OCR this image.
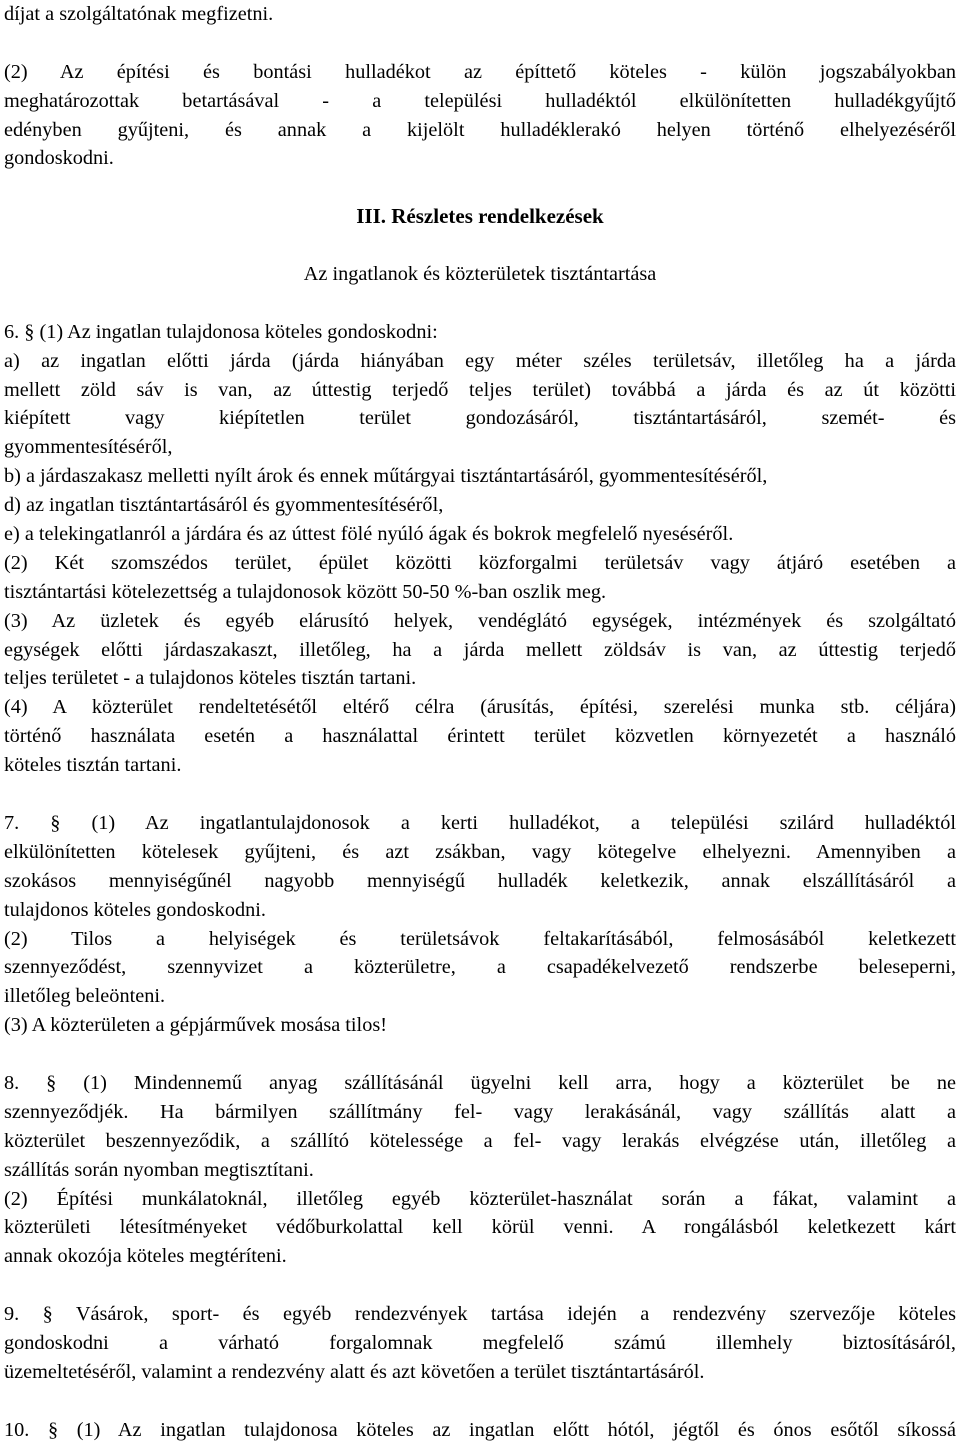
díjat a szolgáltatónak megfizetni.
(2) Az építési és bontási hulladékot az építtető köteles - külön jogszabályokban
meghatározottak betartásával - a települési hulladéktól elkülönítetten hulladékgyűjtő
edényben gyűjteni, és annak a kijelölt hulladéklerakó helyen történő elhelyezéséről
gondoskodni.
III. Részletes rendelkezések
Az ingatlanok és közterületek tisztántartása
6. § (1) Az ingatlan tulajdonosa köteles gondoskodni:
a) az ingatlan előtti járda (járda hiányában egy méter széles területsáv, illetőleg ha a járda
mellett zöld sáv is van, az úttestig terjedő teljes terület) továbbá a járda és az út közötti
kiépített vagy kiépítetlen terület gondozásáról, tisztántartásáról, szemét- és
gyommentesítéséről,
b) a járdaszakasz melletti nyílt árok és ennek műtárgyai tisztántartásáról, gyommentesítéséről,
d) az ingatlan tisztántartásáról és gyommentesítéséről,
e) a telekingatlanról a járdára és az úttest fölé nyúló ágak és bokrok megfelelő nyeséséről.
(2) Két szomszédos terület, épület közötti közforgalmi területsáv vagy átjáró esetében a
tisztántartási kötelezettség a tulajdonosok között 50-50 %-ban oszlik meg.
(3) Az üzletek és egyéb elárusító helyek, vendéglátó egységek, intézmények és szolgáltató
egységek előtti járdaszakaszt, illetőleg, ha a járda mellett zöldsáv is van, az úttestig terjedő
teljes területet - a tulajdonos köteles tisztán tartani.
(4) A közterület rendeltetésétől eltérő célra (árusítás, építési, szerelési munka stb. céljára)
történő használata esetén a használattal érintett terület közvetlen környezetét a használó
köteles tisztán tartani.
7. § (1) Az ingatlantulajdonosok a kerti hulladékot, a települési szilárd hulladéktól
elkülönítetten kötelesek gyűjteni, és azt zsákban, vagy kötegelve elhelyezni. Amennyiben a
szokásos mennyiségűnél nagyobb mennyiségű hulladék keletkezik, annak elszállításáról a
tulajdonos köteles gondoskodni.
(2) Tilos a helyiségek és területsávok feltakarításából, felmosásából keletkezett
szennyeződést, szennyvizet a közterületre, a csapadékelvezető rendszerbe beleseperni,
illetőleg beleönteni.
(3) A közterületen a gépjárművek mosása tilos!
8. § (1) Mindennemű anyag szállításánál ügyelni kell arra, hogy a közterület be ne
szennyeződjék. Ha bármilyen szállítmány fel- vagy lerakásánál, vagy szállítás alatt a
közterület beszennyeződik, a szállító kötelessége a fel- vagy lerakás elvégzése után, illetőleg a
szállítás során nyomban megtisztítani.
(2) Építési munkálatoknál, illetőleg egyéb közterület-használat során a fákat, valamint a
közterületi létesítményeket védőburkolattal kell körül venni. A rongálásból keletkezett kárt
annak okozója köteles megtéríteni.
9. § Vásárok, sport- és egyéb rendezvények tartása idején a rendezvény szervezője köteles
gondoskodni a várható forgalomnak megfelelő számú illemhely biztosításáról,
üzemeltetéséről, valamint a rendezvény alatt és azt követően a terület tisztántartásáról.
10. § (1) Az ingatlan tulajdonosa köteles az ingatlan előtt hótól, jégtől és ónos esőtől síkossá
